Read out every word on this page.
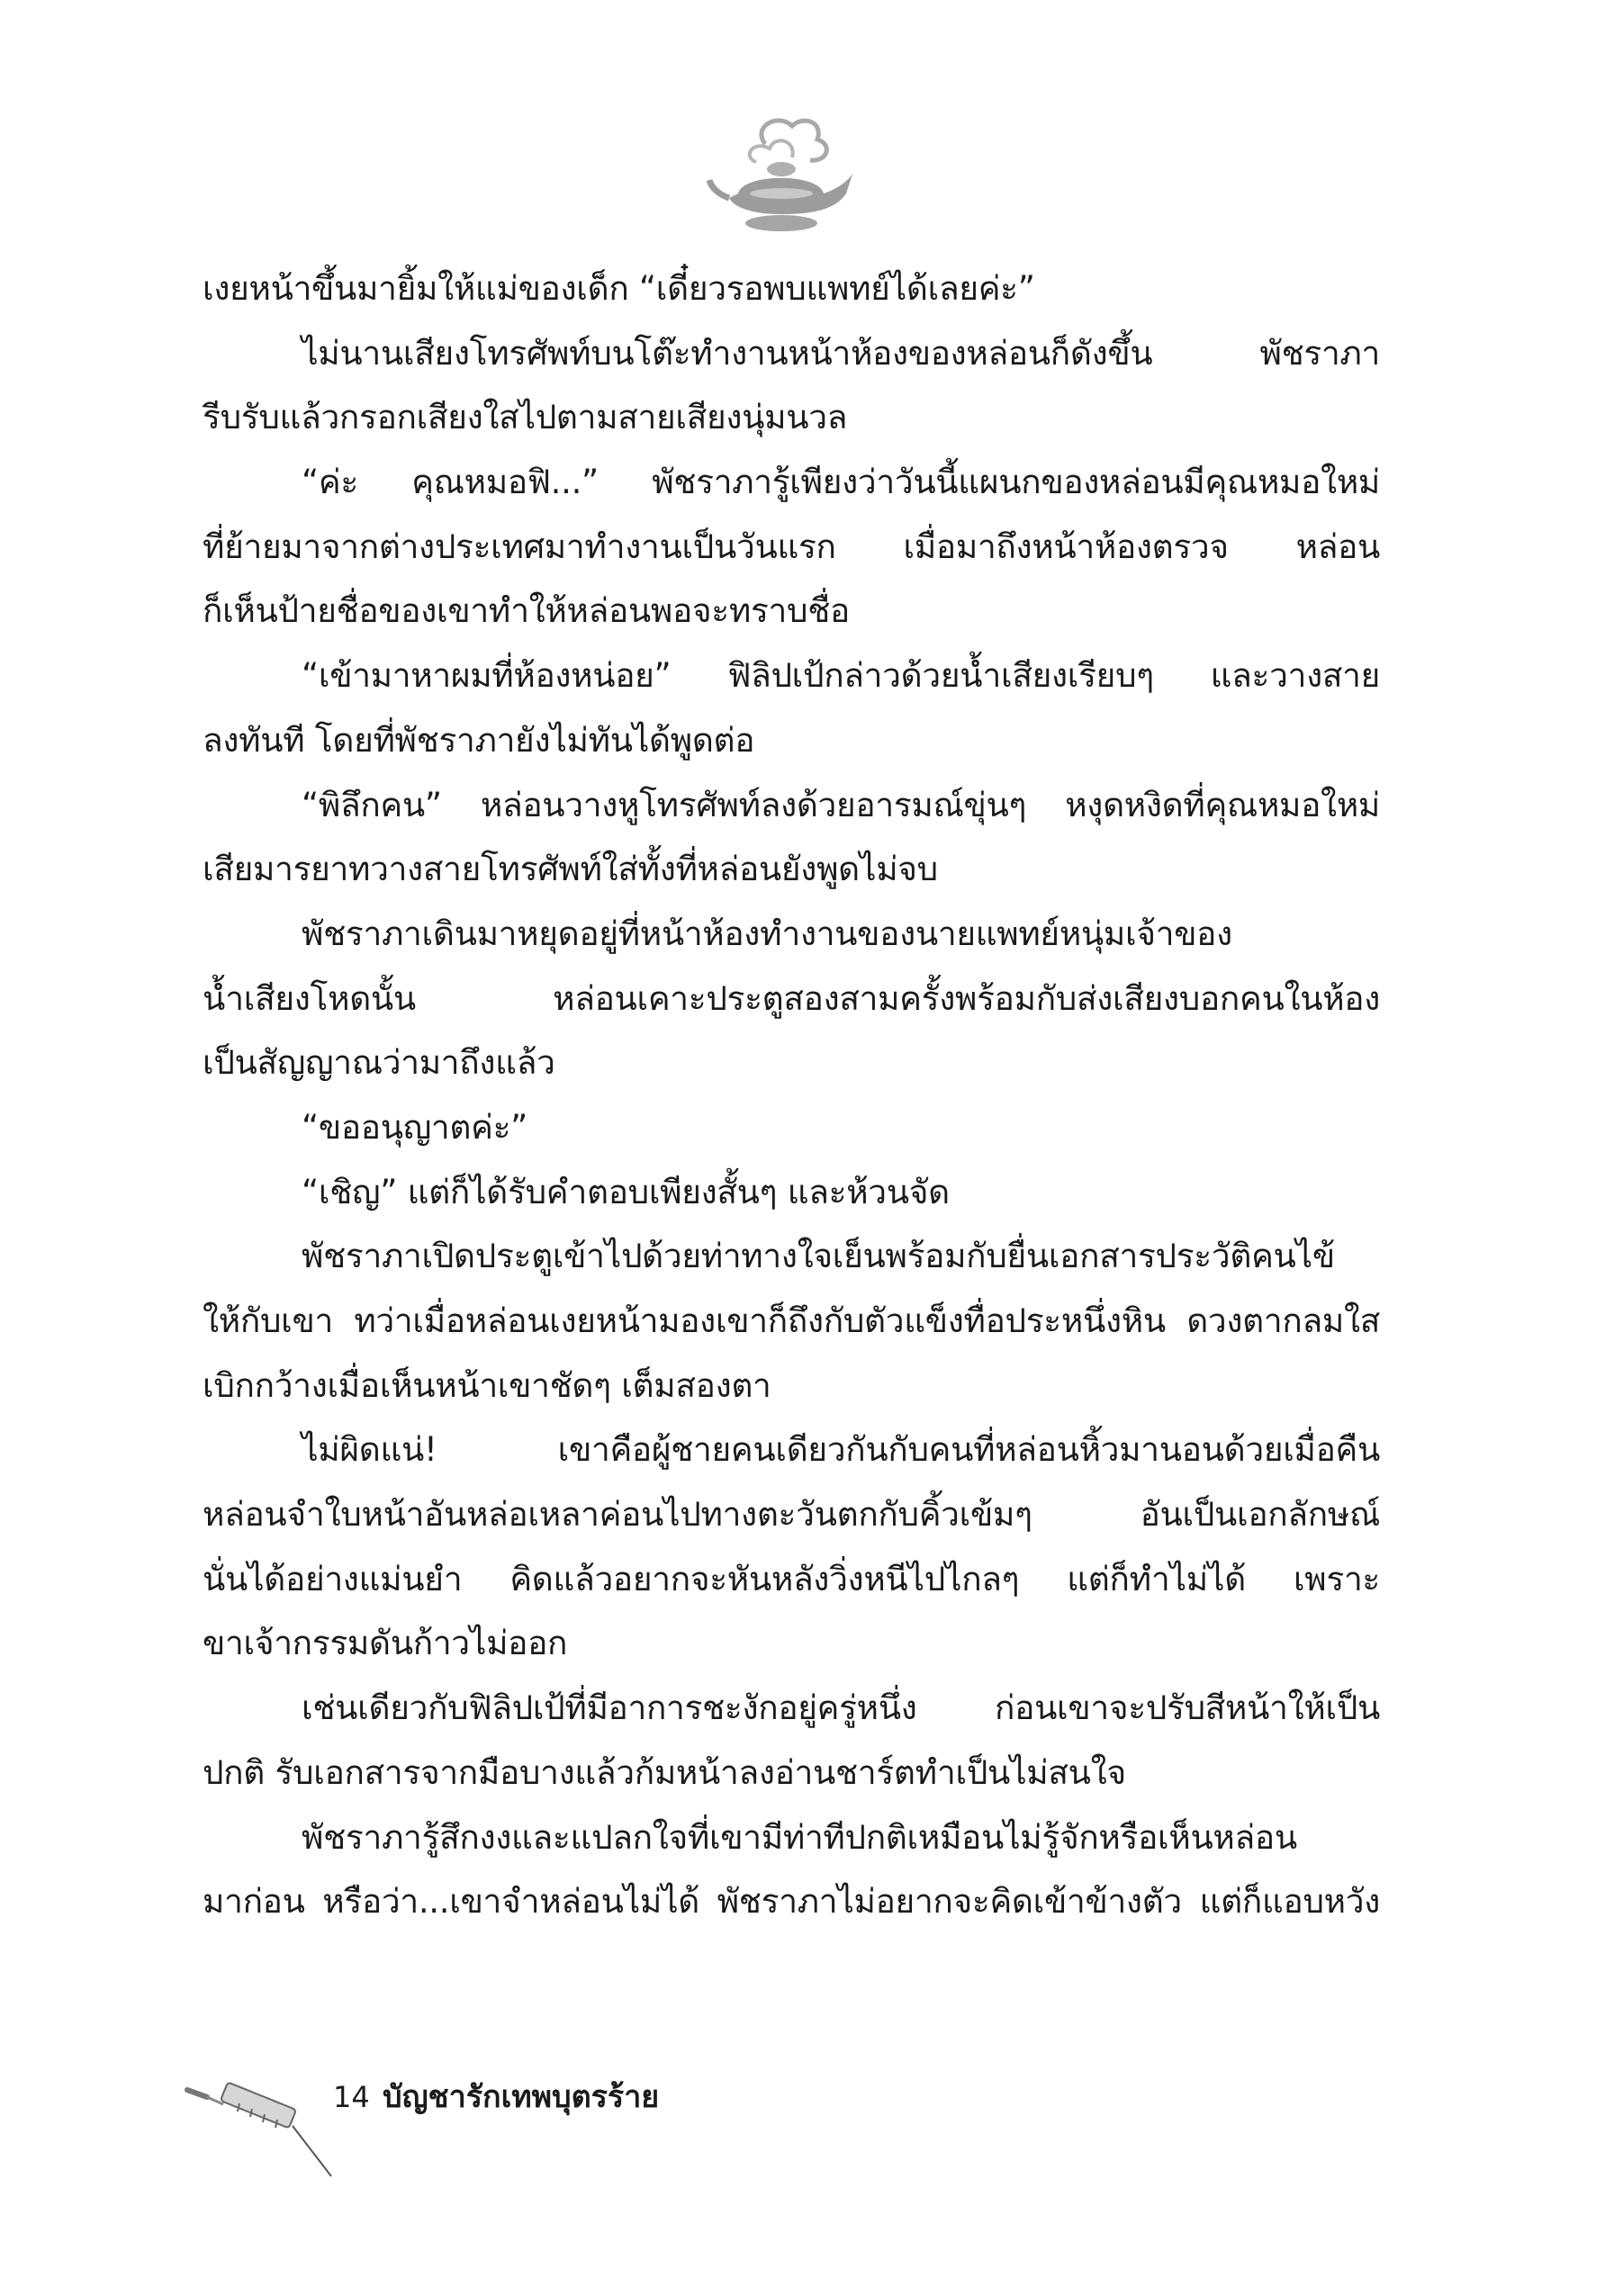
เงยหน้าขึ้นมายิ้มให้แม่ของเด็ก “เดี๋ยวรอพบแพทย์ได้เลยค่ะ”
ไม่นานเสียงโทรศัพท์บนโต๊ะทำงานหน้าห้องของหล่อนก็ดังขึ้น พัชราภา
รีบรับแล้วกรอกเสียงใสไปตามสายเสียงนุ่มนวล
“ค่ะ คุณหมอฟิ...” พัชราภารู้เพียงว่าวันนี้แผนกของหล่อนมีคุณหมอใหม่
ที่ย้ายมาจากต่างประเทศมาทำงานเป็นวันแรก เมื่อมาถึงหน้าห้องตรวจ หล่อน
ก็เห็นป้ายชื่อของเขาทำให้หล่อนพอจะทราบชื่อ
“เข้ามาหาผมที่ห้องหน่อย” ฟิลิปเป้กล่าวด้วยน้ำเสียงเรียบๆ และวางสาย
ลงทันที โดยที่พัชราภายังไม่ทันได้พูดต่อ
“พิลึกคน” หล่อนวางหูโทรศัพท์ลงด้วยอารมณ์ขุ่นๆ หงุดหงิดที่คุณหมอใหม่
เสียมารยาทวางสายโทรศัพท์ใส่ทั้งที่หล่อนยังพูดไม่จบ
พัชราภาเดินมาหยุดอยู่ที่หน้าห้องทำงานของนายแพทย์หนุ่มเจ้าของ
น้ำเสียงโหดนั้น หล่อนเคาะประตูสองสามครั้งพร้อมกับส่งเสียงบอกคนในห้อง
เป็นสัญญาณว่ามาถึงแล้ว
“ขออนุญาตค่ะ”
“เชิญ” แต่ก็ได้รับคำตอบเพียงสั้นๆ และห้วนจัด
พัชราภาเปิดประตูเข้าไปด้วยท่าทางใจเย็นพร้อมกับยื่นเอกสารประวัติคนไข้
ให้กับเขา ทว่าเมื่อหล่อนเงยหน้ามองเขาก็ถึงกับตัวแข็งทื่อประหนึ่งหิน ดวงตากลมใส
เบิกกว้างเมื่อเห็นหน้าเขาชัดๆ เต็มสองตา
ไม่ผิดแน่! เขาคือผู้ชายคนเดียวกันกับคนที่หล่อนหิ้วมานอนด้วยเมื่อคืน
หล่อนจำใบหน้าอันหล่อเหลาค่อนไปทางตะวันตกกับคิ้วเข้มๆ อันเป็นเอกลักษณ์
นั่นได้อย่างแม่นยำ คิดแล้วอยากจะหันหลังวิ่งหนีไปไกลๆ แต่ก็ทำไม่ได้ เพราะ
ขาเจ้ากรรมดันก้าวไม่ออก
เช่นเดียวกับฟิลิปเป้ที่มีอาการชะงักอยู่ครู่หนึ่ง ก่อนเขาจะปรับสีหน้าให้เป็น
ปกติ รับเอกสารจากมือบางแล้วก้มหน้าลงอ่านชาร์ตทำเป็นไม่สนใจ
พัชราภารู้สึกงงและแปลกใจที่เขามีท่าทีปกติเหมือนไม่รู้จักหรือเห็นหล่อน
มาก่อน หรือว่า...เขาจำหล่อนไม่ได้ พัชราภาไม่อยากจะคิดเข้าข้างตัว แต่ก็แอบหวัง
14 บัญชารักเทพบุตรร้าย
